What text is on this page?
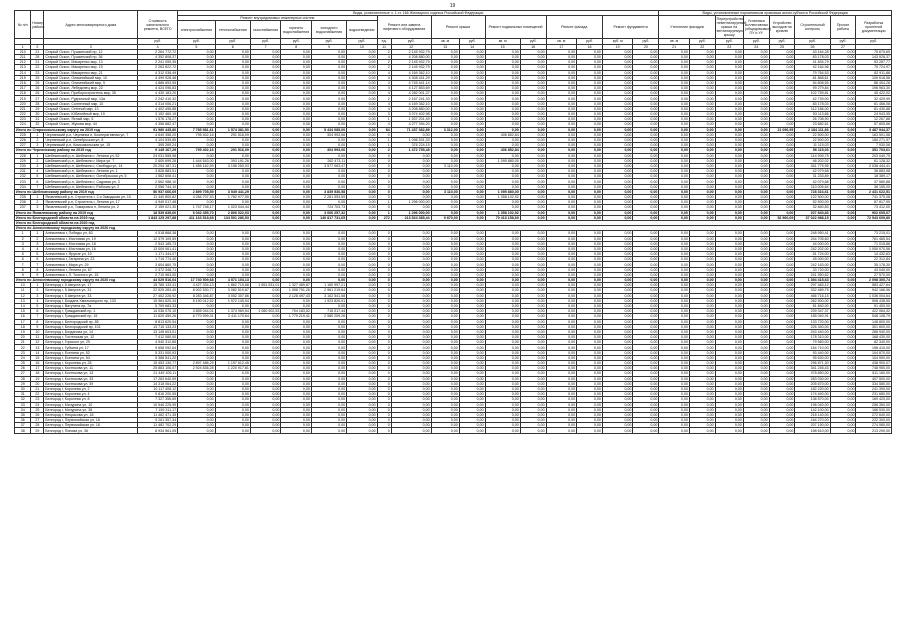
19
№ п/п	Номер района	Адрес многоквартирного дома	Стоимость капитального ремонта, ВСЕГО	Виды, установленные ч. 1 ст. 166 Жилищного кодекса Российской Федерации																Виды, установленные нормативным правовым актом субъекта Российской Федерации							
				Ремонт внутридомовых инженерных систем						Ремонт или замена лифтового оборудования		Ремонт крыши		Ремонт подвальных помещений		Ремонт фасада		Ремонт фундамента		Утепление фасадов		Переустройство невентилируемой крыши на вентилируемую крышу	Установка коллективных (общедомовых) ПУ и УУ	Устройство выходов на кровлю	Строительный контроль	Прочие работы	Разработка проектной документации
				электроснабжения	теплоснабжения	газоснабжения	горячего водоснабжения	холодного водоснабжения	водоотведения																		
			руб.	руб.	руб.	руб.	руб.	руб.	руб.	ед.	руб.	кв. м	руб.	кв. м	руб.	кв. м	руб.	куб. м	руб.	кв. м	руб.	руб.	руб.	руб.	руб.	руб.	руб.
1	2	3	4	5	6	7	8	9	10	11	12	13	14	15	16	17	18	19	20	21	22	23	24	25	26	27	
210	21	Старый Оскол, Пушкинский пр, 12	2 264 772,72	0,00	0,00	0,00	0,00	0,00	0,00	2	2 145 932,79	0,00	0,00	0,00	0,00	0,00	0,00	0,00	0,00	0,00	0,00	0,00	0,00	0,00	43 164,28	0,00	75 675,65
211	28	Старый Оскол, Пушкинский пр, 36	4 352 808,37	0,00	0,00	0,00	0,00	0,00	0,00	4	4 208 880,00	0,00	0,00	0,00	0,00	0,00	0,00	0,00	0,00	0,00	0,00	0,00	0,00	0,00	83 178,03	0,00	143 928,37
212	21	Старый Оскол, Макаренко мкр, 13	2 241 055,35	0,00	0,00	0,00	0,00	0,00	0,00	2	2 145 932,79	0,00	0,00	0,00	0,00	0,00	0,00	0,00	0,00	0,00	0,00	0,00	0,00	0,00	41 834,79	0,00	53 287,77
213	22	Старый Оскол, Макаренко мкр, 19	2 263 822,72	0,00	0,00	0,00	0,00	0,00	0,00	2	2 145 932,79	0,00	0,00	0,00	0,00	0,00	0,00	0,00	0,00	0,00	0,00	0,00	0,00	0,00	42 164,96	0,00	75 724,97
214	23	Старый Оскол, Макаренко мкр, 21	4 312 038,49	0,00	0,00	0,00	0,00	0,00	0,00	4	4 169 362,10	0,00	0,00	0,00	0,00	0,00	0,00	0,00	0,00	0,00	0,00	0,00	0,00	0,00	79 764,53	0,00	62 911,86
215	25	Старый Оскол, Олимпийский мкр, 10	4 499 928,48	0,00	0,00	0,00	0,00	0,00	0,00	4	4 308 441,29	0,00	0,00	0,00	0,00	0,00	0,00	0,00	0,00	0,00	0,00	0,00	0,00	0,00	81 868,61	0,00	109 618,58
216	25	Старый Оскол, Олимпийский мкр, 9	4 886 653,95	0,00	0,00	0,00	0,00	0,00	0,00	4	4 745 441,14	0,00	0,00	0,00	0,00	0,00	0,00	0,00	0,00	0,00	0,00	0,00	0,00	0,00	54 808,55	0,00	86 404,26
217	26	Старый Оскол, Лебединец мкр, 22	4 424 096,83	0,00	0,00	0,00	0,00	0,00	0,00	4	4 127 853,69	0,00	0,00	0,00	0,00	0,00	0,00	0,00	0,00	0,00	0,00	0,00	0,00	0,00	99 279,84	0,00	196 963,30
218	26	Старый Оскол, Приборостроитель мкр, 35	4 430 183,20	0,00	0,00	0,00	0,00	0,00	0,00	4	4 282 001,37	0,00	0,00	0,00	0,00	0,00	0,00	0,00	0,00	0,00	0,00	0,00	0,00	0,00	102 759,81	0,00	45 422,02
219	27	Старый Оскол, Рудничный мкр, 13а	2 242 410,32	0,00	0,00	0,00	0,00	0,00	0,00	2	2 167 241,33	0,00	0,00	0,00	0,00	0,00	0,00	0,00	0,00	0,00	0,00	0,00	0,00	0,00	42 739,00	0,00	32 429,99
220	28	Старый Оскол, Солнечный мкр, 10	4 314 006,21	0,00	0,00	0,00	0,00	0,00	0,00	4	4 169 362,10	0,00	0,00	0,00	0,00	0,00	0,00	0,00	0,00	0,00	0,00	0,00	0,00	0,00	83 178,03	0,00	61 466,08
221	29	Старый Оскол, Степной мкр, 13	4 402 496,88	0,00	0,00	0,00	0,00	0,00	0,00	4	4 208 880,00	0,00	0,00	0,00	0,00	0,00	0,00	0,00	0,00	0,00	0,00	0,00	0,00	0,00	112 186,00	0,00	81 430,88
222	30	Старый Оскол, Юбилейный мкр, 19	3 152 460,19	0,00	0,00	0,00	0,00	0,00	0,00	3	3 074 402,98	0,00	0,00	0,00	0,00	0,00	0,00	0,00	0,00	0,00	0,00	0,00	0,00	0,00	53 113,66	0,00	24 943,55
223	31	Старый Оскол, Ясный мкр, 5	1 576 178,27	0,00	0,00	0,00	0,00	0,00	0,00	1	1 537 201,49	0,00	0,00	0,00	0,00	0,00	0,00	0,00	0,00	0,00	0,00	0,00	0,00	0,00	26 708,90	0,00	12 267,88
224	32	Старый Оскол, Жукова мкр, 44	4 358 882,47	0,00	0,00	0,00	0,00	0,00	0,00	4	4 277 394,20	0,00	0,00	0,00	0,00	0,00	0,00	0,00	0,00	0,00	0,00	0,00	0,00	0,00	23 682,61	0,00	57 805,66
Итого по Старооскольскому округу на 2019 год			91 980 445,80	7 785 581,61	1 574 381,50	0,00	0,00	5 434 085,00	0,00	84	71 437 382,89	3 312,00	0,00	0,00	0,00	0,00	0,00	0,00	0,00	0,00	0,00	0,00	0,00	21 096,95	2 184 111,66	0,00	3 487 944,37
225	1	Чернянский р-н, Чернянка п, Кооперативная ул, 7	4 649 358,20	795 402,16	291 516,09	0,00	0,00	304 993,06	0,00	0	0,00	0,00	0,00	406 852,84	0,00	0,00	0,00	0,00	0,00	0,00	0,00	0,00	0,00	0,00	22 500,00	0,00	163 501,58
226	2	Чернянский р-н, Октябрьская ул, 8	4 104 539,85	0,00	0,00	0,00	0,00	0,00	0,00	1	1 096 531,33	0,00	0,00	0,00	0,00	0,00	0,00	0,00	0,00	0,00	0,00	0,00	0,00	0,00	22 500,00	0,00	180 271,97
227	3	Чернянский р-н, Комсомольская ул, 15	395 269,24	0,00	0,00	0,00	0,00	0,00	0,00	1	376 224,15	0,00	0,00	0,00	0,00	0,00	0,00	0,00	0,00	0,00	0,00	0,00	0,00	0,00	11 115,03	0,00	7 930,06
Итого по Чернянскому району на 2019 год			9 149 167,29	795 402,16	291 516,09	0,00	0,00	304 993,06	0,00	2	1 472 755,48	0,00	0,00	406 852,84	0,00	0,00	0,00	0,00	0,00	0,00	0,00	0,00	0,00	0,00	56 115,03	0,00	351 703,61
228	1	Шебекинский р-н, Шебекино г, Ленина ул, 52	24 031 555,98	0,00	0,00	0,00	0,00	0,00	0,00	0	0,00	0,00	0,00	0,00	0,00	0,00	0,00	0,00	0,00	0,00	0,00	0,00	0,00	0,00	114 939,75	0,00	203 040,75
229	2	Шебекинский р-н, Шебекино г, Мира ул, 7	2 600 699,28	1 444 543,00	393 191,26	0,00	0,00	262 473,11	0,00	0	0,00	0,00	0,00	1 095 880,00	0,00	0,00	0,00	0,00	0,00	0,00	0,00	0,00	0,00	0,00	46 202,02	0,00	61 128,32
230	3	Шебекинский р-н, Шебекино г, Свободы ул, 14	20 294 187,31	1 455 162,59	3 156 250,03	0,00	0,00	3 577 063,47	0,00	0	0,00	3 110,00	0,00	0,00	0,00	0,00	0,00	0,00	0,00	0,00	0,00	0,00	0,00	0,00	341 775,95	0,00	2 038 444,41
231	4	Шебекинский р-н, Шебекино г, Ленина ул, 1	3 828 883,51	0,00	0,00	0,00	0,00	0,00	0,00	0	0,00	0,00	0,00	0,00	0,00	0,00	0,00	0,00	0,00	0,00	0,00	0,00	0,00	0,00	42 079,68	0,00	36 883,98
232	5	Шебекинский р-н, Шебекино г, Октябрьская ул, 5	1 562 608,41	0,00	0,00	0,00	0,00	0,00	0,00	0	0,00	0,00	0,00	0,00	0,00	0,00	0,00	0,00	0,00	0,00	0,00	0,00	0,00	0,00	31 233,89	0,00	18 389,17
233	6	Шебекинский р-н, Шебекино г, Садовая ул, 3	2 562 988,10	0,00	0,00	0,00	0,00	0,00	0,00	0	0,00	0,00	0,00	0,00	0,00	0,00	0,00	0,00	0,00	0,00	0,00	0,00	0,00	0,00	42 079,68	0,00	37 580,88
234	7	Шебекинский р-н, Шебекино г, Рабочая ул, 2	2 056 744,10	0,00	0,00	0,00	0,00	0,00	0,00	0	0,00	0,00	0,00	0,00	0,00	0,00	0,00	0,00	0,00	0,00	0,00	0,00	0,00	0,00	110 005,64	0,00	36 155,00
Итого по Шебекинскому району на 2019 год			56 937 666,69	2 899 705,59	3 549 441,29	0,00	0,00	3 839 536,58	0,00	0	0,00	3 110,00	0,00	1 095 880,00	0,00	0,00	0,00	0,00	0,00	0,00	0,00	0,00	0,00	0,00	728 316,61	0,00	2 431 622,51
235	1	Яковлевский р-н, Строитель г, 2-я Заводская ул, 10	11 440 800,82	4 284 707,53	1 782 977,59	0,00	0,00	2 281 553,59	0,00	0	0,00	0,00	0,00	1 358 102,92	0,00	0,00	0,00	0,00	0,00	0,00	0,00	0,00	0,00	0,00	122 500,00	0,00	741 375,08
236	2	Яковлевский р-н, Строитель г, Ленина ул, 17	4 940 017,48	0,00	0,00	0,00	0,00	0,00	0,00	1	1 296 000,00	0,00	0,00	0,00	0,00	0,00	0,00	0,00	0,00	0,00	0,00	0,00	0,00	0,00	52 500,00	0,00	87 817,99
237	3	Яковлевский р-н, Томаровка п, Ленина ул, 2	2 159 021,30	1 747 748,17	1 023 044,44	0,00	0,00	724 703,73	0,00	0	0,00	0,00	0,00	0,00	0,00	0,00	0,00	0,00	0,00	0,00	0,00	0,00	0,00	0,00	32 840,83	0,00	73 412,00
Итого по Яковлевскому району на 2019 год			18 539 839,60	6 032 455,70	2 806 022,03	0,00	0,00	3 006 257,32	0,00	1	1 296 000,00	0,00	0,00	1 358 102,92	0,00	0,00	0,00	0,00	0,00	0,00	0,00	0,00	0,00	0,00	207 840,83	0,00	902 605,07
Итого по Белгородской области на 2019 год			1 843 125 297,88	411 163 518,68	134 501 286,53	0,00	0,00	140 817 731,65	0,00	272	213 524 385,44	9 870,00	0,00	70 413 158,69	0,00	0,00	0,00	0,00	0,00	0,00	0,00	0,00	0,00	52 960,69	37 022 988,15	0,00	72 543 609,80
Итого по Белгородской области на 2020 год																											
Итого по Алексеевскому городскому округу на 2020 год																											
1	1	Алексеевка г, Победы ул, 83	4 518 868,38	0,00	0,00	0,00	0,00	0,00	0,00	0	0,00	0,00	0,00	0,00	0,00	0,00	0,00	0,00	0,00	0,00	0,00	0,00	0,00	0,00	248 950,41	0,00	73 215,01
2	2	Алексеевка г, Мостовая ул, 19	12 379 109,59	0,00	0,00	0,00	0,00	0,00	0,00	0	0,00	0,00	0,00	0,00	0,00	0,00	0,00	0,00	0,00	0,00	0,00	0,00	0,00	0,00	244 705,60	0,00	761 465,54
3	3	Алексеевка г, Мостовая ул, 18	2 543 185,73	0,00	0,00	0,00	0,00	0,00	0,00	0	0,00	0,00	0,00	0,00	0,00	0,00	0,00	0,00	0,00	0,00	0,00	0,00	0,00	0,00	44 000,00	0,00	71 015,86
4	4	Алексеевка г, Мостовая ул, 16	13 009 061,41	0,00	0,00	0,00	0,00	0,00	0,00	0	0,00	0,00	0,00	0,00	0,00	0,00	0,00	0,00	0,00	0,00	0,00	0,00	0,00	0,00	242 202,00	0,00	1 050 070,56
5	5	Алексеевка г, Фрунзе ул, 19	1 171 344,07	0,00	0,00	0,00	0,00	0,00	0,00	0	0,00	0,00	0,00	0,00	0,00	0,00	0,00	0,00	0,00	0,00	0,00	0,00	0,00	0,00	51 724,00	0,00	14 432,63
6	6	Алексеевка г, Гагарина ул, 23	1 719 774,40	0,00	0,00	0,00	0,00	0,00	0,00	0	0,00	0,00	0,00	0,00	0,00	0,00	0,00	0,00	0,00	0,00	0,00	0,00	0,00	0,00	45 000,00	0,00	22 312,84
7	7	Алексеевка г, Мира ул, 29	3 604 860,75	0,00	0,00	0,00	0,00	0,00	0,00	0	0,00	0,00	0,00	0,00	0,00	0,00	0,00	0,00	0,00	0,00	0,00	0,00	0,00	0,00	242 163,00	0,00	35 178,30
8	8	Алексеевка г, Ленина ул, 67	2 372 348,71	0,00	0,00	0,00	0,00	0,00	0,00	0	0,00	0,00	0,00	0,00	0,00	0,00	0,00	0,00	0,00	0,00	0,00	0,00	0,00	0,00	33 720,00	0,00	43 040,00
9	9	Алексеевка г, Л. Толстого ул, 15	2 710 963,00	0,00	0,00	0,00	0,00	0,00	0,00	0	0,00	0,00	0,00	0,00	0,00	0,00	0,00	0,00	0,00	0,00	0,00	0,00	0,00	0,00	241 950,62	0,00	27 570,00
Итого по Алексеевскому городскому округу на 2020 год			44 029 516,04	17 740 509,68	4 571 103,13	0,00	0,00	0,00	0,00	0	0,00	0,00	0,00	0,00	0,00	0,00	0,00	0,00	0,00	0,00	0,00	0,00	0,00	0,00	1 394 415,63	0,00	2 098 300,74
10	1	Белгород г, 5 Августа ул, 17	15 785 133,41	4 427 334,13	1 862 715,88	1 651 531,01	1 327 489,87	1 160 997,21	0,00	0	0,00	0,00	0,00	0,00	0,00	0,00	0,00	0,00	0,00	0,00	0,00	0,00	0,00	0,00	297 483,12	0,00	583 427,64
11	2	Белгород г, 5 Августа ул, 31	22 525 283,40	8 002 530,77	3 082 519,87	0,00	1 958 791,26	2 961 219,64	0,00	0	0,00	0,00	0,00	0,00	0,00	0,00	0,00	0,00	0,00	0,00	0,00	0,00	0,00	0,00	332 489,75	0,00	942 166,56
12	3	Белгород г, 5 Августа ул, 33	27 402 226,92	8 283 346,87	3 052 307,86	0,00	2 128 497,43	3 102 541,58	0,00	0	0,00	0,00	0,00	0,00	0,00	0,00	0,00	0,00	0,00	0,00	0,00	0,00	0,00	0,00	466 716,15	0,00	1 036 004,64
13	4	Белгород г, Богдана Хмельницкого пр, 133	15 964 620,34	5 190 012,52	1 972 145,54	0,00	0,00	1 923 826,91	0,00	0	0,00	0,00	0,00	0,00	0,00	0,00	0,00	0,00	0,00	0,00	0,00	0,00	0,00	0,00	262 500,00	0,00	508 438,55
14	5	Белгород г, Ватутина пр, 7а	5 709 683,33	0,00	0,00	0,00	0,00	0,00	0,00	0	0,00	0,00	0,00	0,00	0,00	0,00	0,00	0,00	0,00	0,00	0,00	0,00	0,00	0,00	81 840,00	0,00	91 400,00
15	6	Белгород г, Гражданский пр, 1	14 036 075,10	3 855 044,01	1 374 969,54	1 060 902,53	704 183,52	715 017,44	0,00	0	0,00	0,00	0,00	0,00	0,00	0,00	0,00	0,00	0,00	0,00	0,00	0,00	0,00	0,00	239 347,37	0,00	422 064,32
16	7	Белгород г, Гражданский пр, 15	11 620 459,26	6 770 599,31	2 411 170,64	0,00	1 779 219,41	2 580 209,26	0,00	0	0,00	0,00	0,00	0,00	0,00	0,00	0,00	0,00	0,00	0,00	0,00	0,00	0,00	0,00	185 040,91	0,00	548 108,79
17	8	Белгород г, Белгородский пр, 85	8 813 620,54	0,00	0,00	0,00	0,00	0,00	0,00	0	0,00	0,00	0,00	0,00	0,00	0,00	0,00	0,00	0,00	0,00	0,00	0,00	0,00	0,00	133 720,00	0,00	148 800,00
18	9	Белгород г, Белгородский пр, 101	13 715 133,23	0,00	0,00	0,00	0,00	0,00	0,00	0	0,00	0,00	0,00	0,00	0,00	0,00	0,00	0,00	0,00	0,00	0,00	0,00	0,00	0,00	226 340,00	0,00	301 600,00
19	10	Белгород г, Богданова ул, 14	13 145 603,01	0,00	0,00	0,00	0,00	0,00	0,00	0	0,00	0,00	0,00	0,00	0,00	0,00	0,00	0,00	0,00	0,00	0,00	0,00	0,00	0,00	243 440,00	0,00	286 940,00
20	11	Белгород г, Гостенская ул, 12	7 412 080,00	0,00	0,00	0,00	0,00	0,00	0,00	0	0,00	0,00	0,00	0,00	0,00	0,00	0,00	0,00	0,00	0,00	0,00	0,00	0,00	0,00	178 310,00	0,00	168 430,00
21	12	Белгород г, Горького ул, 25	4 540 312,85	0,00	0,00	0,00	0,00	0,00	0,00	0	0,00	0,00	0,00	0,00	0,00	0,00	0,00	0,00	0,00	0,00	0,00	0,00	0,00	0,00	79 560,00	0,00	82 340,00
22	13	Белгород г, Губкина ул, 17	9 658 092,64	0,00	0,00	0,00	0,00	0,00	0,00	0	0,00	0,00	0,00	0,00	0,00	0,00	0,00	0,00	0,00	0,00	0,00	0,00	0,00	0,00	154 710,00	0,00	196 410,00
23	14	Белгород г, Есенина ул, 52	5 331 000,93	0,00	0,00	0,00	0,00	0,00	0,00	0	0,00	0,00	0,00	0,00	0,00	0,00	0,00	0,00	0,00	0,00	0,00	0,00	0,00	0,00	93 440,00	0,00	104 870,00
24	15	Белгород г, Есенина ул, 54	5 388 541,20	0,00	0,00	0,00	0,00	0,00	0,00	0	0,00	0,00	0,00	0,00	0,00	0,00	0,00	0,00	0,00	0,00	0,00	0,00	0,00	0,00	95 630,00	0,00	104 990,00
25	16	Белгород г, Королева ул, 28	15 453 130,77	2 897 486,29	1 197 612,45	0,00	0,00	0,00	0,00	0	0,00	0,00	0,00	0,00	0,00	0,00	0,00	0,00	0,00	0,00	0,00	0,00	0,00	0,00	296 871,30	0,00	438 900,07
26	17	Белгород г, Костюкова ул, 11	25 883 106,07	2 924 836,28	1 220 917,81	0,00	0,00	0,00	0,00	0	0,00	0,00	0,00	0,00	0,00	0,00	0,00	0,00	0,00	0,00	0,00	0,00	0,00	0,00	341 245,43	0,00	748 950,00
27	18	Белгород г, Костюкова ул, 13	21 449 109,11	0,00	0,00	0,00	0,00	0,00	0,00	0	0,00	0,00	0,00	0,00	0,00	0,00	0,00	0,00	0,00	0,00	0,00	0,00	0,00	0,00	378 850,00	0,00	511 160,00
28	19	Белгород г, Костюкова ул, 33	17 263 640,59	0,00	0,00	0,00	0,00	0,00	0,00	0	0,00	0,00	0,00	0,00	0,00	0,00	0,00	0,00	0,00	0,00	0,00	0,00	0,00	0,00	283 030,00	0,00	407 500,00
29	20	Белгород г, Костюкова ул, 39	14 318 064,22	0,00	0,00	0,00	0,00	0,00	0,00	0	0,00	0,00	0,00	0,00	0,00	0,00	0,00	0,00	0,00	0,00	0,00	0,00	0,00	0,00	205 670,00	0,00	334 580,00
30	21	Белгород г, Королева ул, 2	10 117 408,12	0,00	0,00	0,00	0,00	0,00	0,00	0	0,00	0,00	0,00	0,00	0,00	0,00	0,00	0,00	0,00	0,00	0,00	0,00	0,00	0,00	182 220,00	0,00	241 390,00
31	22	Белгород г, Королева ул, 4	9 816 200,55	0,00	0,00	0,00	0,00	0,00	0,00	0	0,00	0,00	0,00	0,00	0,00	0,00	0,00	0,00	0,00	0,00	0,00	0,00	0,00	0,00	174 440,00	0,00	231 680,00
32	23	Белгород г, Королева ул, 8	7 327 356,69	0,00	0,00	0,00	0,00	0,00	0,00	0	0,00	0,00	0,00	0,00	0,00	0,00	0,00	0,00	0,00	0,00	0,00	0,00	0,00	0,00	136 570,00	0,00	169 420,00
33	24	Белгород г, Мичурина ул, 10	10 548 225,99	0,00	0,00	0,00	0,00	0,00	0,00	0	0,00	0,00	0,00	0,00	0,00	0,00	0,00	0,00	0,00	0,00	0,00	0,00	0,00	0,00	196 040,00	0,00	256 350,00
34	25	Белгород г, Мичурина ул, 38	7 159 311,17	0,00	0,00	0,00	0,00	0,00	0,00	0	0,00	0,00	0,00	0,00	0,00	0,00	0,00	0,00	0,00	0,00	0,00	0,00	0,00	0,00	142 100,00	0,00	166 530,00
35	26	Белгород г, Некрасова ул, 18	11 462 471,35	0,00	0,00	0,00	0,00	0,00	0,00	0	0,00	0,00	0,00	0,00	0,00	0,00	0,00	0,00	0,00	0,00	0,00	0,00	0,00	0,00	218 140,00	0,00	272 640,00
36	27	Белгород г, Первомайская ул, 16	9 261 357,34	0,00	0,00	0,00	0,00	0,00	0,00	0	0,00	0,00	0,00	0,00	0,00	0,00	0,00	0,00	0,00	0,00	0,00	0,00	0,00	0,00	164 270,00	0,00	222 300,00
37	28	Белгород г, Первомайская ул, 18	11 482 702,29	0,00	0,00	0,00	0,00	0,00	0,00	0	0,00	0,00	0,00	0,00	0,00	0,00	0,00	0,00	0,00	0,00	0,00	0,00	0,00	0,00	207 150,00	0,00	274 080,00
38	29	Белгород г, Попова ул, 36	8 934 561,05	0,00	0,00	0,00	0,00	0,00	0,00	0	0,00	0,00	0,00	0,00	0,00	0,00	0,00	0,00	0,00	0,00	0,00	0,00	0,00	0,00	158 610,00	0,00	213 290,00
